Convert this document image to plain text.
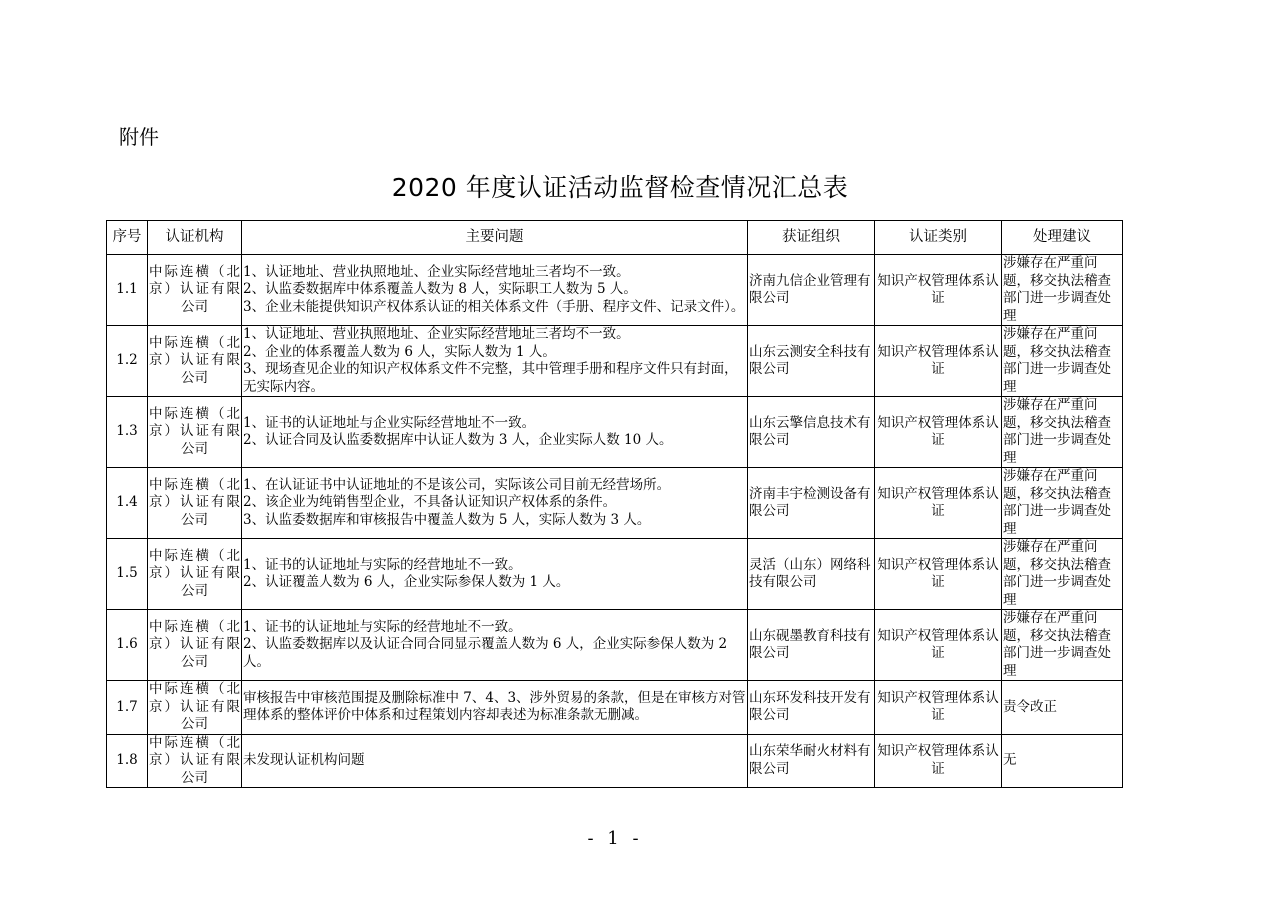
附件
2020 年度认证活动监督检查情况汇总表
序号	认证机构	主要问题	获证组织	认证类别	处理建议
1.1	中际连横（北京）认证有限公司	1、认证地址、营业执照地址、企业实际经营地址三者均不一致。
2、认监委数据库中体系覆盖人数为 8 人，实际职工人数为 5 人。
3、企业未能提供知识产权体系认证的相关体系文件（手册、程序文件、记录文件）。	济南九信企业管理有限公司	知识产权管理体系认证	涉嫌存在严重问题，移交执法稽查部门进一步调查处理
1.2	中际连横（北京）认证有限公司	1、认证地址、营业执照地址、企业实际经营地址三者均不一致。
2、企业的体系覆盖人数为 6 人，实际人数为 1 人。
3、现场查见企业的知识产权体系文件不完整，其中管理手册和程序文件只有封面，无实际内容。	山东云测安全科技有限公司	知识产权管理体系认证	涉嫌存在严重问题，移交执法稽查部门进一步调查处理
1.3	中际连横（北京）认证有限公司	1、证书的认证地址与企业实际经营地址不一致。
2、认证合同及认监委数据库中认证人数为 3 人，企业实际人数 10 人。	山东云擎信息技术有限公司	知识产权管理体系认证	涉嫌存在严重问题，移交执法稽查部门进一步调查处理
1.4	中际连横（北京）认证有限公司	1、在认证证书中认证地址的不是该公司，实际该公司目前无经营场所。
2、该企业为纯销售型企业，不具备认证知识产权体系的条件。
3、认监委数据库和审核报告中覆盖人数为 5 人，实际人数为 3 人。	济南丰宇检测设备有限公司	知识产权管理体系认证	涉嫌存在严重问题，移交执法稽查部门进一步调查处理
1.5	中际连横（北京）认证有限公司	1、证书的认证地址与实际的经营地址不一致。
2、认证覆盖人数为 6 人，企业实际参保人数为 1 人。	灵活（山东）网络科技有限公司	知识产权管理体系认证	涉嫌存在严重问题，移交执法稽查部门进一步调查处理
1.6	中际连横（北京）认证有限公司	1、证书的认证地址与实际的经营地址不一致。
2、认监委数据库以及认证合同合同显示覆盖人数为 6 人，企业实际参保人数为 2 人。	山东砚墨教育科技有限公司	知识产权管理体系认证	涉嫌存在严重问题，移交执法稽查部门进一步调查处理
1.7	中际连横（北京）认证有限公司	审核报告中审核范围提及删除标准中 7、4、3、涉外贸易的条款，但是在审核方对管理体系的整体评价中体系和过程策划内容却表述为标准条款无删减。	山东环发科技开发有限公司	知识产权管理体系认证	责令改正
1.8	中际连横（北京）认证有限公司	未发现认证机构问题	山东荣华耐火材料有限公司	知识产权管理体系认证	无
- 1 -
